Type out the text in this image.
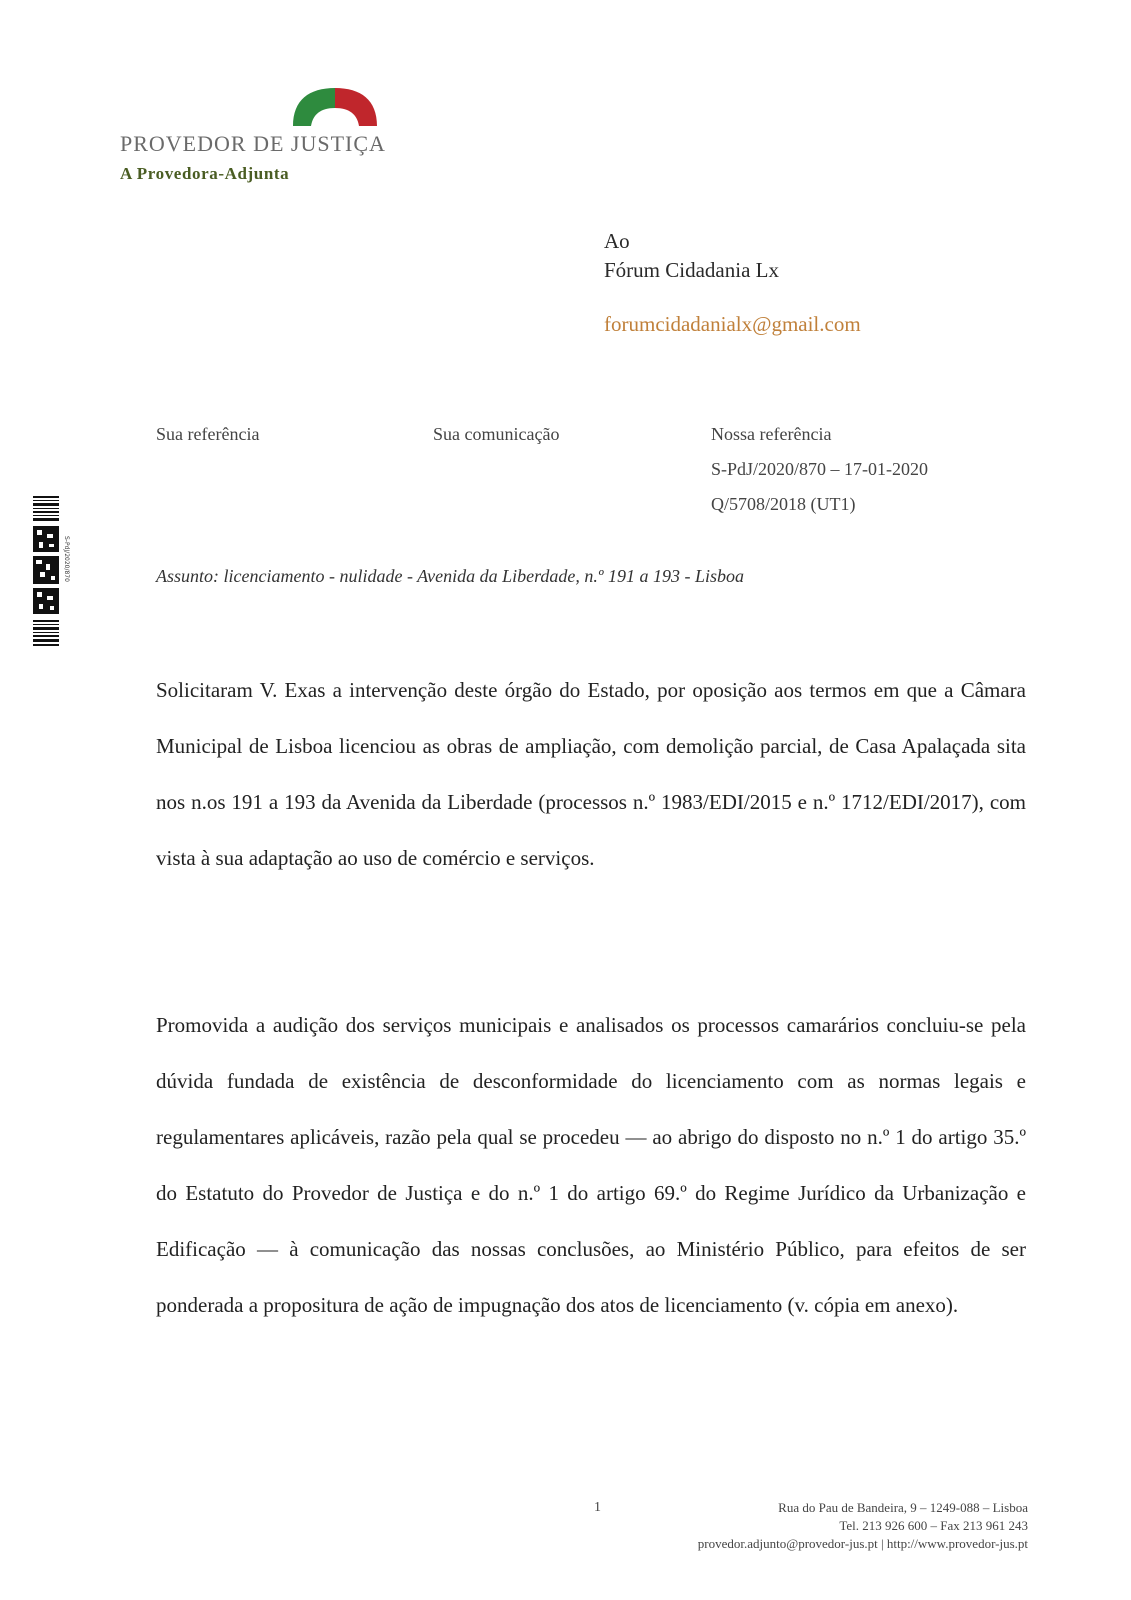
PROVEDOR DE JUSTIÇA
A Provedora-Adjunta
Ao
Fórum Cidadania Lx
forumcidadanialx@gmail.com
Sua referência	Sua comunicação	Nossa referência
S-PdJ/2020/870 – 17-01-2020
Q/5708/2018 (UT1)
S-PdJ/2020/870	Assunto: licenciamento - nulidade - Avenida da Liberdade, n.º 191 a 193 - Lisboa
Solicitaram V. Exas a intervenção deste órgão do Estado, por oposição aos termos em que a Câmara Municipal de Lisboa licenciou as obras de ampliação, com demolição parcial, de Casa Apalaçada sita nos n.os 191 a 193 da Avenida da Liberdade (processos n.º 1983/EDI/2015 e n.º 1712/EDI/2017), com vista à sua adaptação ao uso de comércio e serviços.
Promovida a audição dos serviços municipais e analisados os processos camarários concluiu-se pela dúvida fundada de existência de desconformidade do licenciamento com as normas legais e regulamentares aplicáveis, razão pela qual se procedeu — ao abrigo do disposto no n.º 1 do artigo 35.º do Estatuto do Provedor de Justiça e do n.º 1 do artigo 69.º do Regime Jurídico da Urbanização e Edificação — à comunicação das nossas conclusões, ao Ministério Público, para efeitos de ser ponderada a propositura de ação de impugnação dos atos de licenciamento (v. cópia em anexo).
1	Rua do Pau de Bandeira, 9 – 1249-088 – Lisboa
Tel. 213 926 600 – Fax 213 961 243
provedor.adjunto@provedor-jus.pt | http://www.provedor-jus.pt
